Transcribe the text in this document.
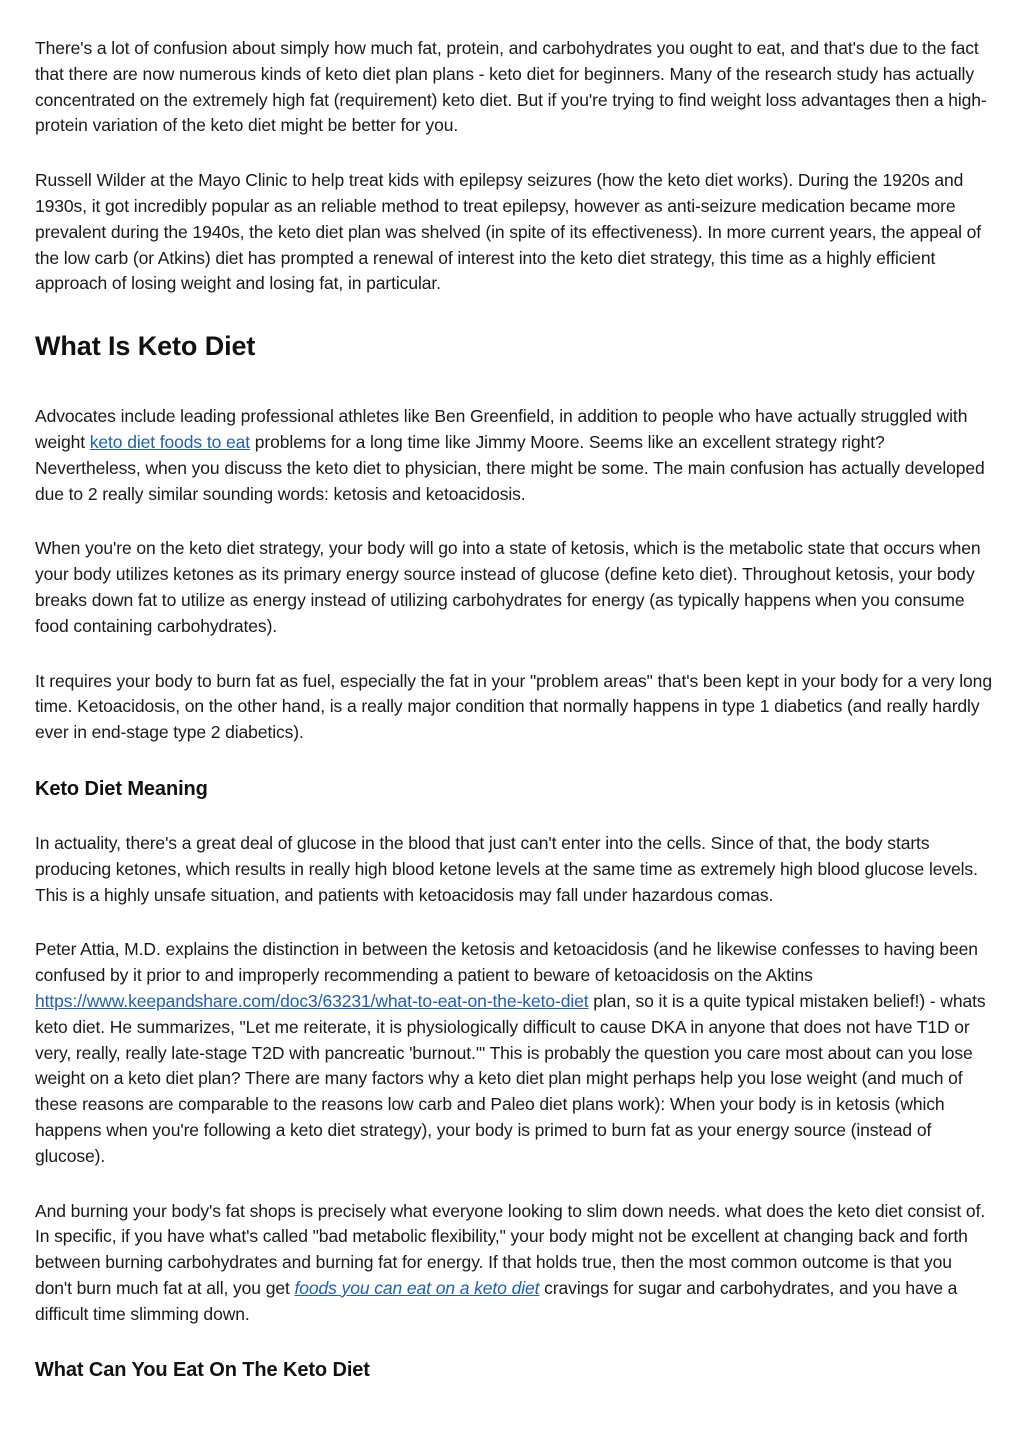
There's a lot of confusion about simply how much fat, protein, and carbohydrates you ought to eat, and that's due to the fact that there are now numerous kinds of keto diet plan plans - keto diet for beginners. Many of the research study has actually concentrated on the extremely high fat (requirement) keto diet. But if you're trying to find weight loss advantages then a high-protein variation of the keto diet might be better for you.

Russell Wilder at the Mayo Clinic to help treat kids with epilepsy seizures (how the keto diet works). During the 1920s and 1930s, it got incredibly popular as an reliable method to treat epilepsy, however as anti-seizure medication became more prevalent during the 1940s, the keto diet plan was shelved (in spite of its effectiveness). In more current years, the appeal of the low carb (or Atkins) diet has prompted a renewal of interest into the keto diet strategy, this time as a highly efficient approach of losing weight and losing fat, in particular.

What Is Keto Diet

Advocates include leading professional athletes like Ben Greenfield, in addition to people who have actually struggled with weight keto diet foods to eat problems for a long time like Jimmy Moore. Seems like an excellent strategy right? Nevertheless, when you discuss the keto diet to physician, there might be some. The main confusion has actually developed due to 2 really similar sounding words: ketosis and ketoacidosis.

When you're on the keto diet strategy, your body will go into a state of ketosis, which is the metabolic state that occurs when your body utilizes ketones as its primary energy source instead of glucose (define keto diet). Throughout ketosis, your body breaks down fat to utilize as energy instead of utilizing carbohydrates for energy (as typically happens when you consume food containing carbohydrates).

It requires your body to burn fat as fuel, especially the fat in your "problem areas" that's been kept in your body for a very long time. Ketoacidosis, on the other hand, is a really major condition that normally happens in type 1 diabetics (and really hardly ever in end-stage type 2 diabetics).

Keto Diet Meaning

In actuality, there's a great deal of glucose in the blood that just can't enter into the cells. Since of that, the body starts producing ketones, which results in really high blood ketone levels at the same time as extremely high blood glucose levels. This is a highly unsafe situation, and patients with ketoacidosis may fall under hazardous comas.

Peter Attia, M.D. explains the distinction in between the ketosis and ketoacidosis (and he likewise confesses to having been confused by it prior to and improperly recommending a patient to beware of ketoacidosis on the Aktins https://www.keepandshare.com/doc3/63231/what-to-eat-on-the-keto-diet plan, so it is a quite typical mistaken belief!) - whats keto diet. He summarizes, "Let me reiterate, it is physiologically difficult to cause DKA in anyone that does not have T1D or very, really, really late-stage T2D with pancreatic 'burnout.'" This is probably the question you care most about can you lose weight on a keto diet plan? There are many factors why a keto diet plan might perhaps help you lose weight (and much of these reasons are comparable to the reasons low carb and Paleo diet plans work): When your body is in ketosis (which happens when you're following a keto diet strategy), your body is primed to burn fat as your energy source (instead of glucose).

And burning your body's fat shops is precisely what everyone looking to slim down needs. what does the keto diet consist of. In specific, if you have what's called "bad metabolic flexibility," your body might not be excellent at changing back and forth between burning carbohydrates and burning fat for energy. If that holds true, then the most common outcome is that you don't burn much fat at all, you get foods you can eat on a keto diet cravings for sugar and carbohydrates, and you have a difficult time slimming down.

What Can You Eat On The Keto Diet
